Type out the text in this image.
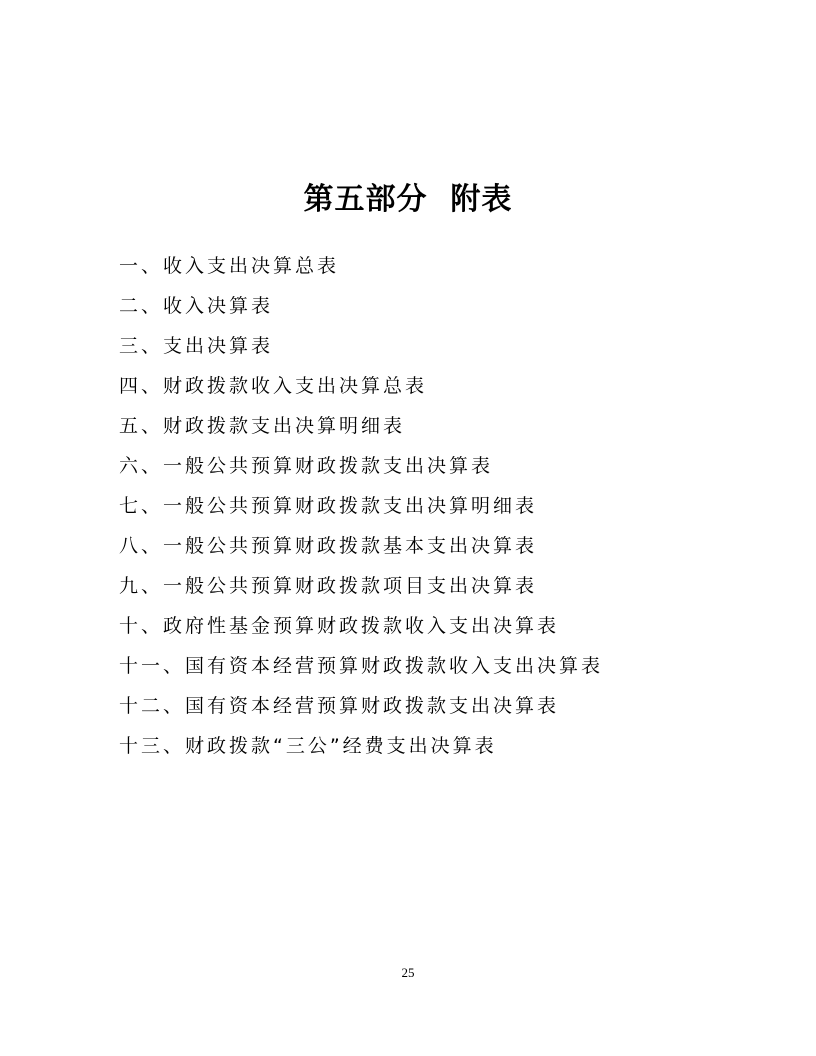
第五部分  附表
一、收入支出决算总表
二、收入决算表
三、支出决算表
四、财政拨款收入支出决算总表
五、财政拨款支出决算明细表
六、一般公共预算财政拨款支出决算表
七、一般公共预算财政拨款支出决算明细表
八、一般公共预算财政拨款基本支出决算表
九、一般公共预算财政拨款项目支出决算表
十、政府性基金预算财政拨款收入支出决算表
十一、国有资本经营预算财政拨款收入支出决算表
十二、国有资本经营预算财政拨款支出决算表
十三、财政拨款“三公”经费支出决算表
25
